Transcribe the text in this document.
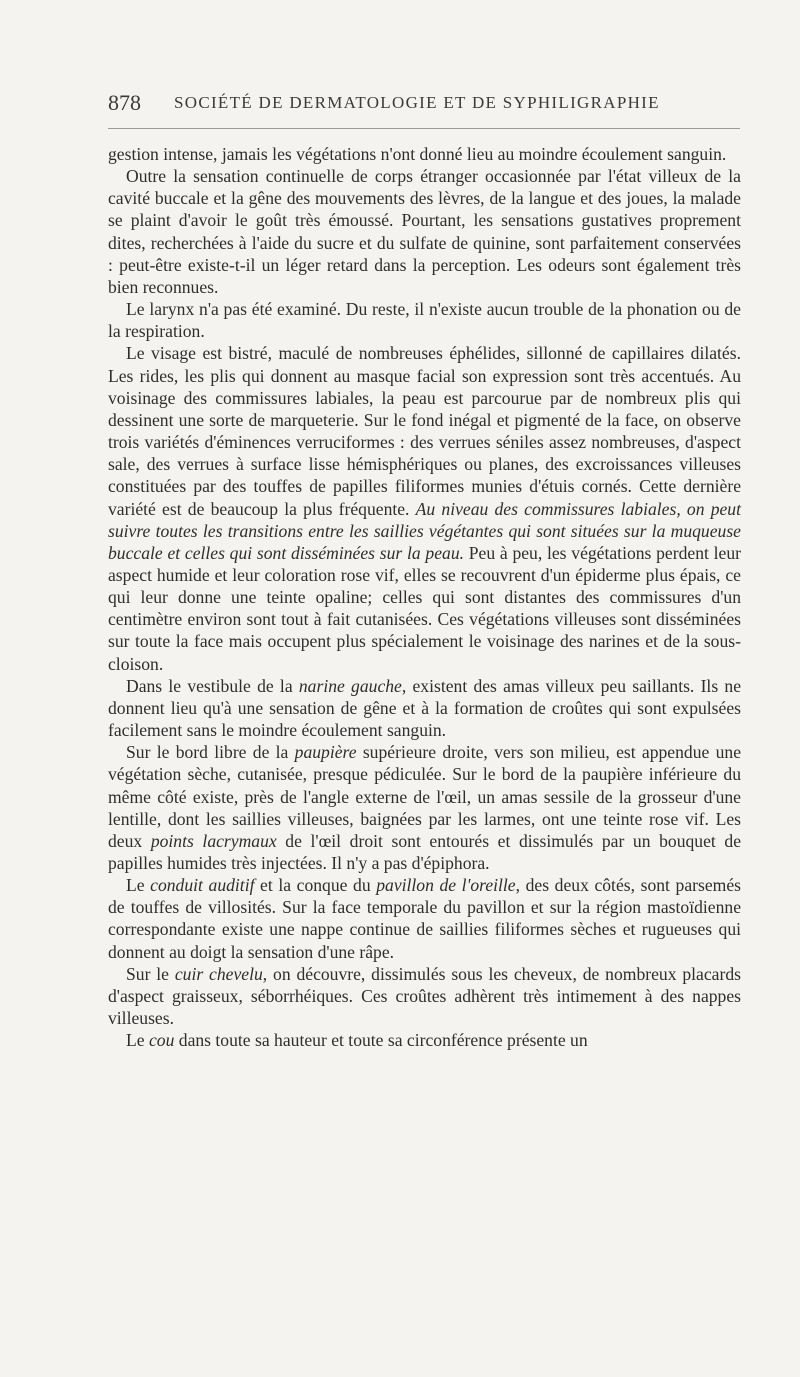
878 SOCIÉTÉ DE DERMATOLOGIE ET DE SYPHILIGRAPHIE

gestion intense, jamais les végétations n'ont donné lieu au moindre écoulement sanguin.

Outre la sensation continuelle de corps étranger occasionnée par l'état villeux de la cavité buccale et la gêne des mouvements des lèvres, de la langue et des joues, la malade se plaint d'avoir le goût très émoussé. Pourtant, les sensations gustatives proprement dites, recherchées à l'aide du sucre et du sulfate de quinine, sont parfaitement conservées : peut-être existe-t-il un léger retard dans la perception. Les odeurs sont également très bien reconnues.

Le larynx n'a pas été examiné. Du reste, il n'existe aucun trouble de la phonation ou de la respiration.

Le visage est bistré, maculé de nombreuses éphélides, sillonné de capillaires dilatés. Les rides, les plis qui donnent au masque facial son expression sont très accentués. Au voisinage des commissures labiales, la peau est parcourue par de nombreux plis qui dessinent une sorte de marqueterie. Sur le fond inégal et pigmenté de la face, on observe trois variétés d'éminences verruciformes : des verrues séniles assez nombreuses, d'aspect sale, des verrues à surface lisse hémisphériques ou planes, des excroissances villeuses constituées par des touffes de papilles filiformes munies d'étuis cornés. Cette dernière variété est de beaucoup la plus fréquente. Au niveau des commissures labiales, on peut suivre toutes les transitions entre les saillies végétantes qui sont situées sur la muqueuse buccale et celles qui sont disséminées sur la peau. Peu à peu, les végétations perdent leur aspect humide et leur coloration rose vif, elles se recouvrent d'un épiderme plus épais, ce qui leur donne une teinte opaline; celles qui sont distantes des commissures d'un centimètre environ sont tout à fait cutanisées. Ces végétations villeuses sont disséminées sur toute la face mais occupent plus spécialement le voisinage des narines et de la sous-cloison.

Dans le vestibule de la narine gauche, existent des amas villeux peu saillants. Ils ne donnent lieu qu'à une sensation de gêne et à la formation de croûtes qui sont expulsées facilement sans le moindre écoulement sanguin.

Sur le bord libre de la paupière supérieure droite, vers son milieu, est appendue une végétation sèche, cutanisée, presque pédiculée. Sur le bord de la paupière inférieure du même côté existe, près de l'angle externe de l'œil, un amas sessile de la grosseur d'une lentille, dont les saillies villeuses, baignées par les larmes, ont une teinte rose vif. Les deux points lacrymaux de l'œil droit sont entourés et dissimulés par un bouquet de papilles humides très injectées. Il n'y a pas d'épiphora.

Le conduit auditif et la conque du pavillon de l'oreille, des deux côtés, sont parsemés de touffes de villosités. Sur la face temporale du pavillon et sur la région mastoïdienne correspondante existe une nappe continue de saillies filiformes sèches et rugueuses qui donnent au doigt la sensation d'une râpe.

Sur le cuir chevelu, on découvre, dissimulés sous les cheveux, de nombreux placards d'aspect graisseux, séborrhéiques. Ces croûtes adhèrent très intimement à des nappes villeuses.

Le cou dans toute sa hauteur et toute sa circonférence présente un
